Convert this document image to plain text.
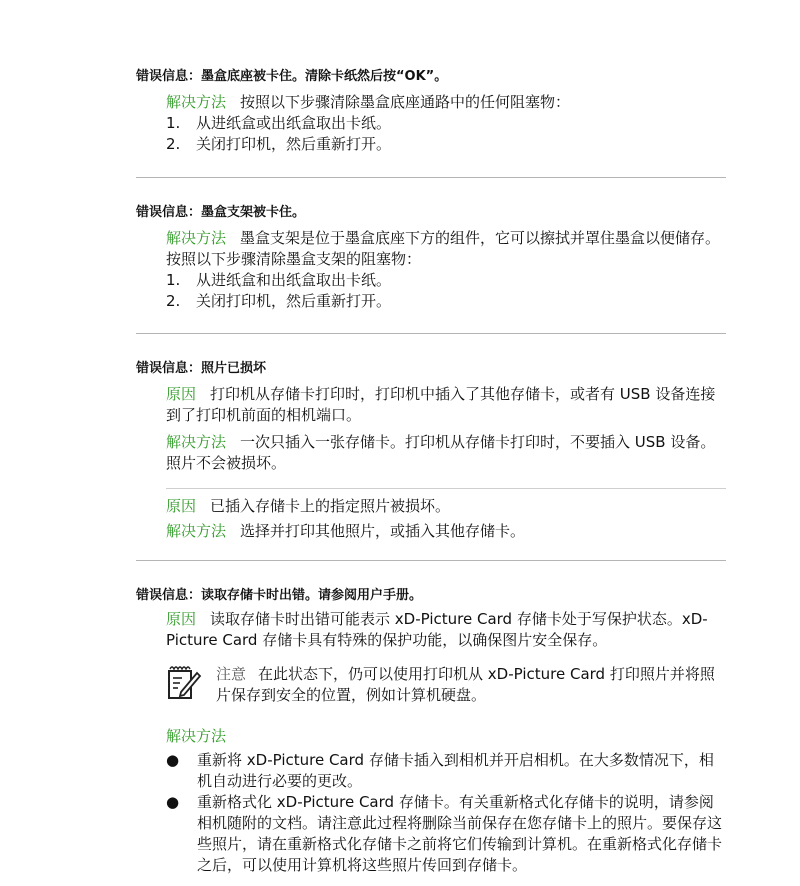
错误信息：墨盒底座被卡住。清除卡纸然后按“OK”。

解决方法 按照以下步骤清除墨盒底座通路中的任何阻塞物：
1. 从进纸盒或出纸盒取出卡纸。
2. 关闭打印机，然后重新打开。

错误信息：墨盒支架被卡住。

解决方法 墨盒支架是位于墨盒底座下方的组件，它可以擦拭并罩住墨盒以便储存。按照以下步骤清除墨盒支架的阻塞物：
1. 从进纸盒和出纸盒取出卡纸。
2. 关闭打印机，然后重新打开。

错误信息：照片已损坏

原因 打印机从存储卡打印时，打印机中插入了其他存储卡，或者有 USB 设备连接到了打印机前面的相机端口。
解决方法 一次只插入一张存储卡。打印机从存储卡打印时，不要插入 USB 设备。照片不会被损坏。
原因 已插入存储卡上的指定照片被损坏。
解决方法 选择并打印其他照片，或插入其他存储卡。

错误信息：读取存储卡时出错。请参阅用户手册。

原因 读取存储卡时出错可能表示 xD-Picture Card 存储卡处于写保护状态。xD-Picture Card 存储卡具有特殊的保护功能，以确保图片安全保存。
注意 在此状态下，仍可以使用打印机从 xD-Picture Card 打印照片并将照片保存到安全的位置，例如计算机硬盘。
解决方法
● 重新将 xD-Picture Card 存储卡插入到相机并开启相机。在大多数情况下，相机自动进行必要的更改。
● 重新格式化 xD-Picture Card 存储卡。有关重新格式化存储卡的说明，请参阅相机随附的文档。请注意此过程将删除当前保存在您存储卡上的照片。要保存这些照片，请在重新格式化存储卡之前将它们传输到计算机。在重新格式化存储卡之后，可以使用计算机将这些照片传回到存储卡。
